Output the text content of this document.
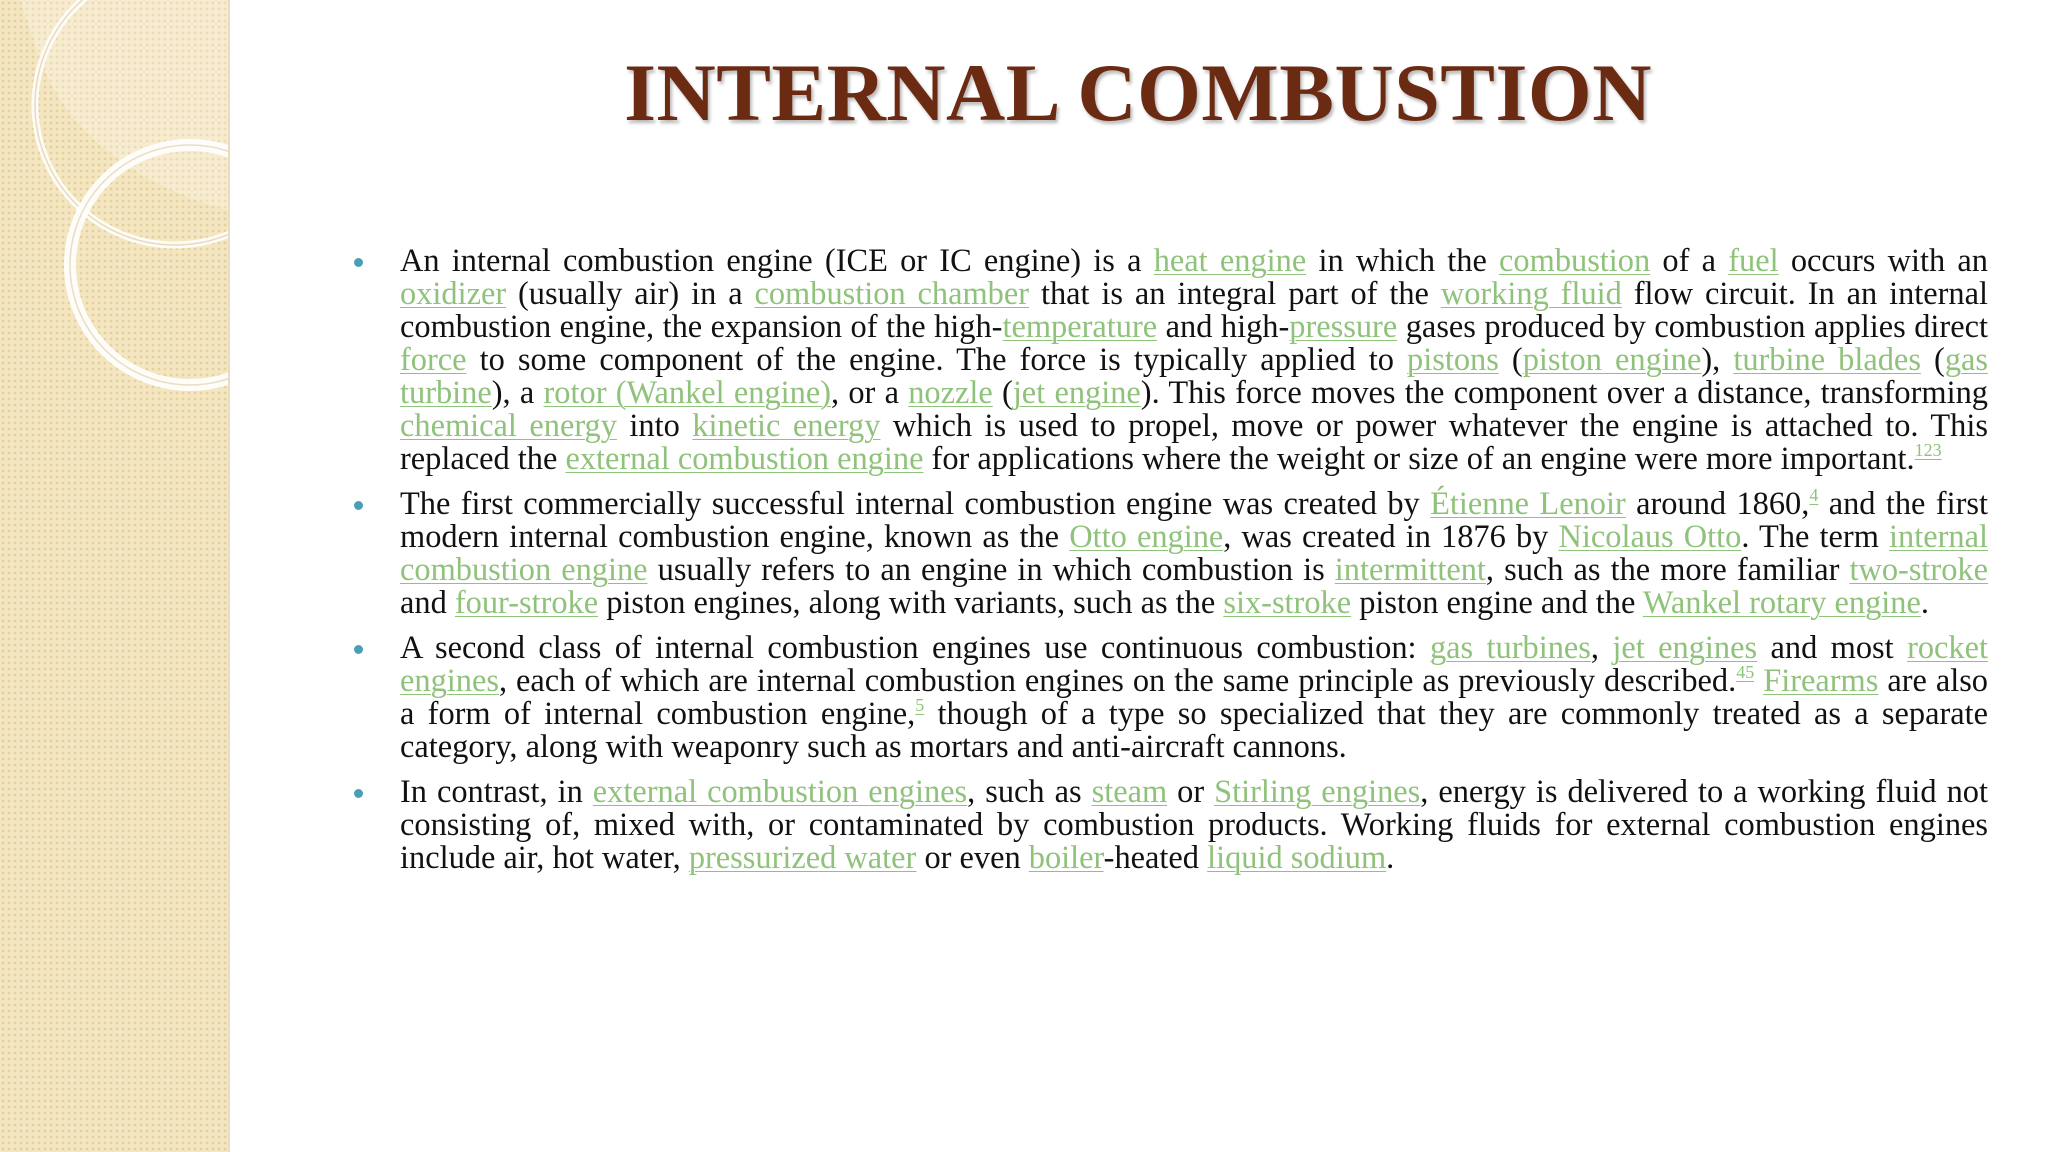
INTERNAL COMBUSTION

An internal combustion engine (ICE or IC engine) is a heat engine in which the combustion of a fuel occurs with an oxidizer (usually air) in a combustion chamber that is an integral part of the working fluid flow circuit. In an internal combustion engine, the expansion of the high-temperature and high-pressure gases produced by combustion applies direct force to some component of the engine. The force is typically applied to pistons (piston engine), turbine blades (gas turbine), a rotor (Wankel engine), or a nozzle (jet engine). This force moves the component over a distance, transforming chemical energy into kinetic energy which is used to propel, move or power whatever the engine is attached to. This replaced the external combustion engine for applications where the weight or size of an engine were more important.$^{123}$

The first commercially successful internal combustion engine was created by Étienne Lenoir around 1860,$^4$ and the first modern internal combustion engine, known as the Otto engine, was created in 1876 by Nicolaus Otto. The term internal combustion engine usually refers to an engine in which combustion is intermittent, such as the more familiar two-stroke and four-stroke piston engines, along with variants, such as the six-stroke piston engine and the Wankel rotary engine.

A second class of internal combustion engines use continuous combustion: gas turbines, jet engines and most rocket engines, each of which are internal combustion engines on the same principle as previously described.$^{45}$ Firearms are also a form of internal combustion engine,$^5$ though of a type so specialized that they are commonly treated as a separate category, along with weaponry such as mortars and anti-aircraft cannons.

In contrast, in external combustion engines, such as steam or Stirling engines, energy is delivered to a working fluid not consisting of, mixed with, or contaminated by combustion products. Working fluids for external combustion engines include air, hot water, pressurized water or even boiler-heated liquid sodium.
